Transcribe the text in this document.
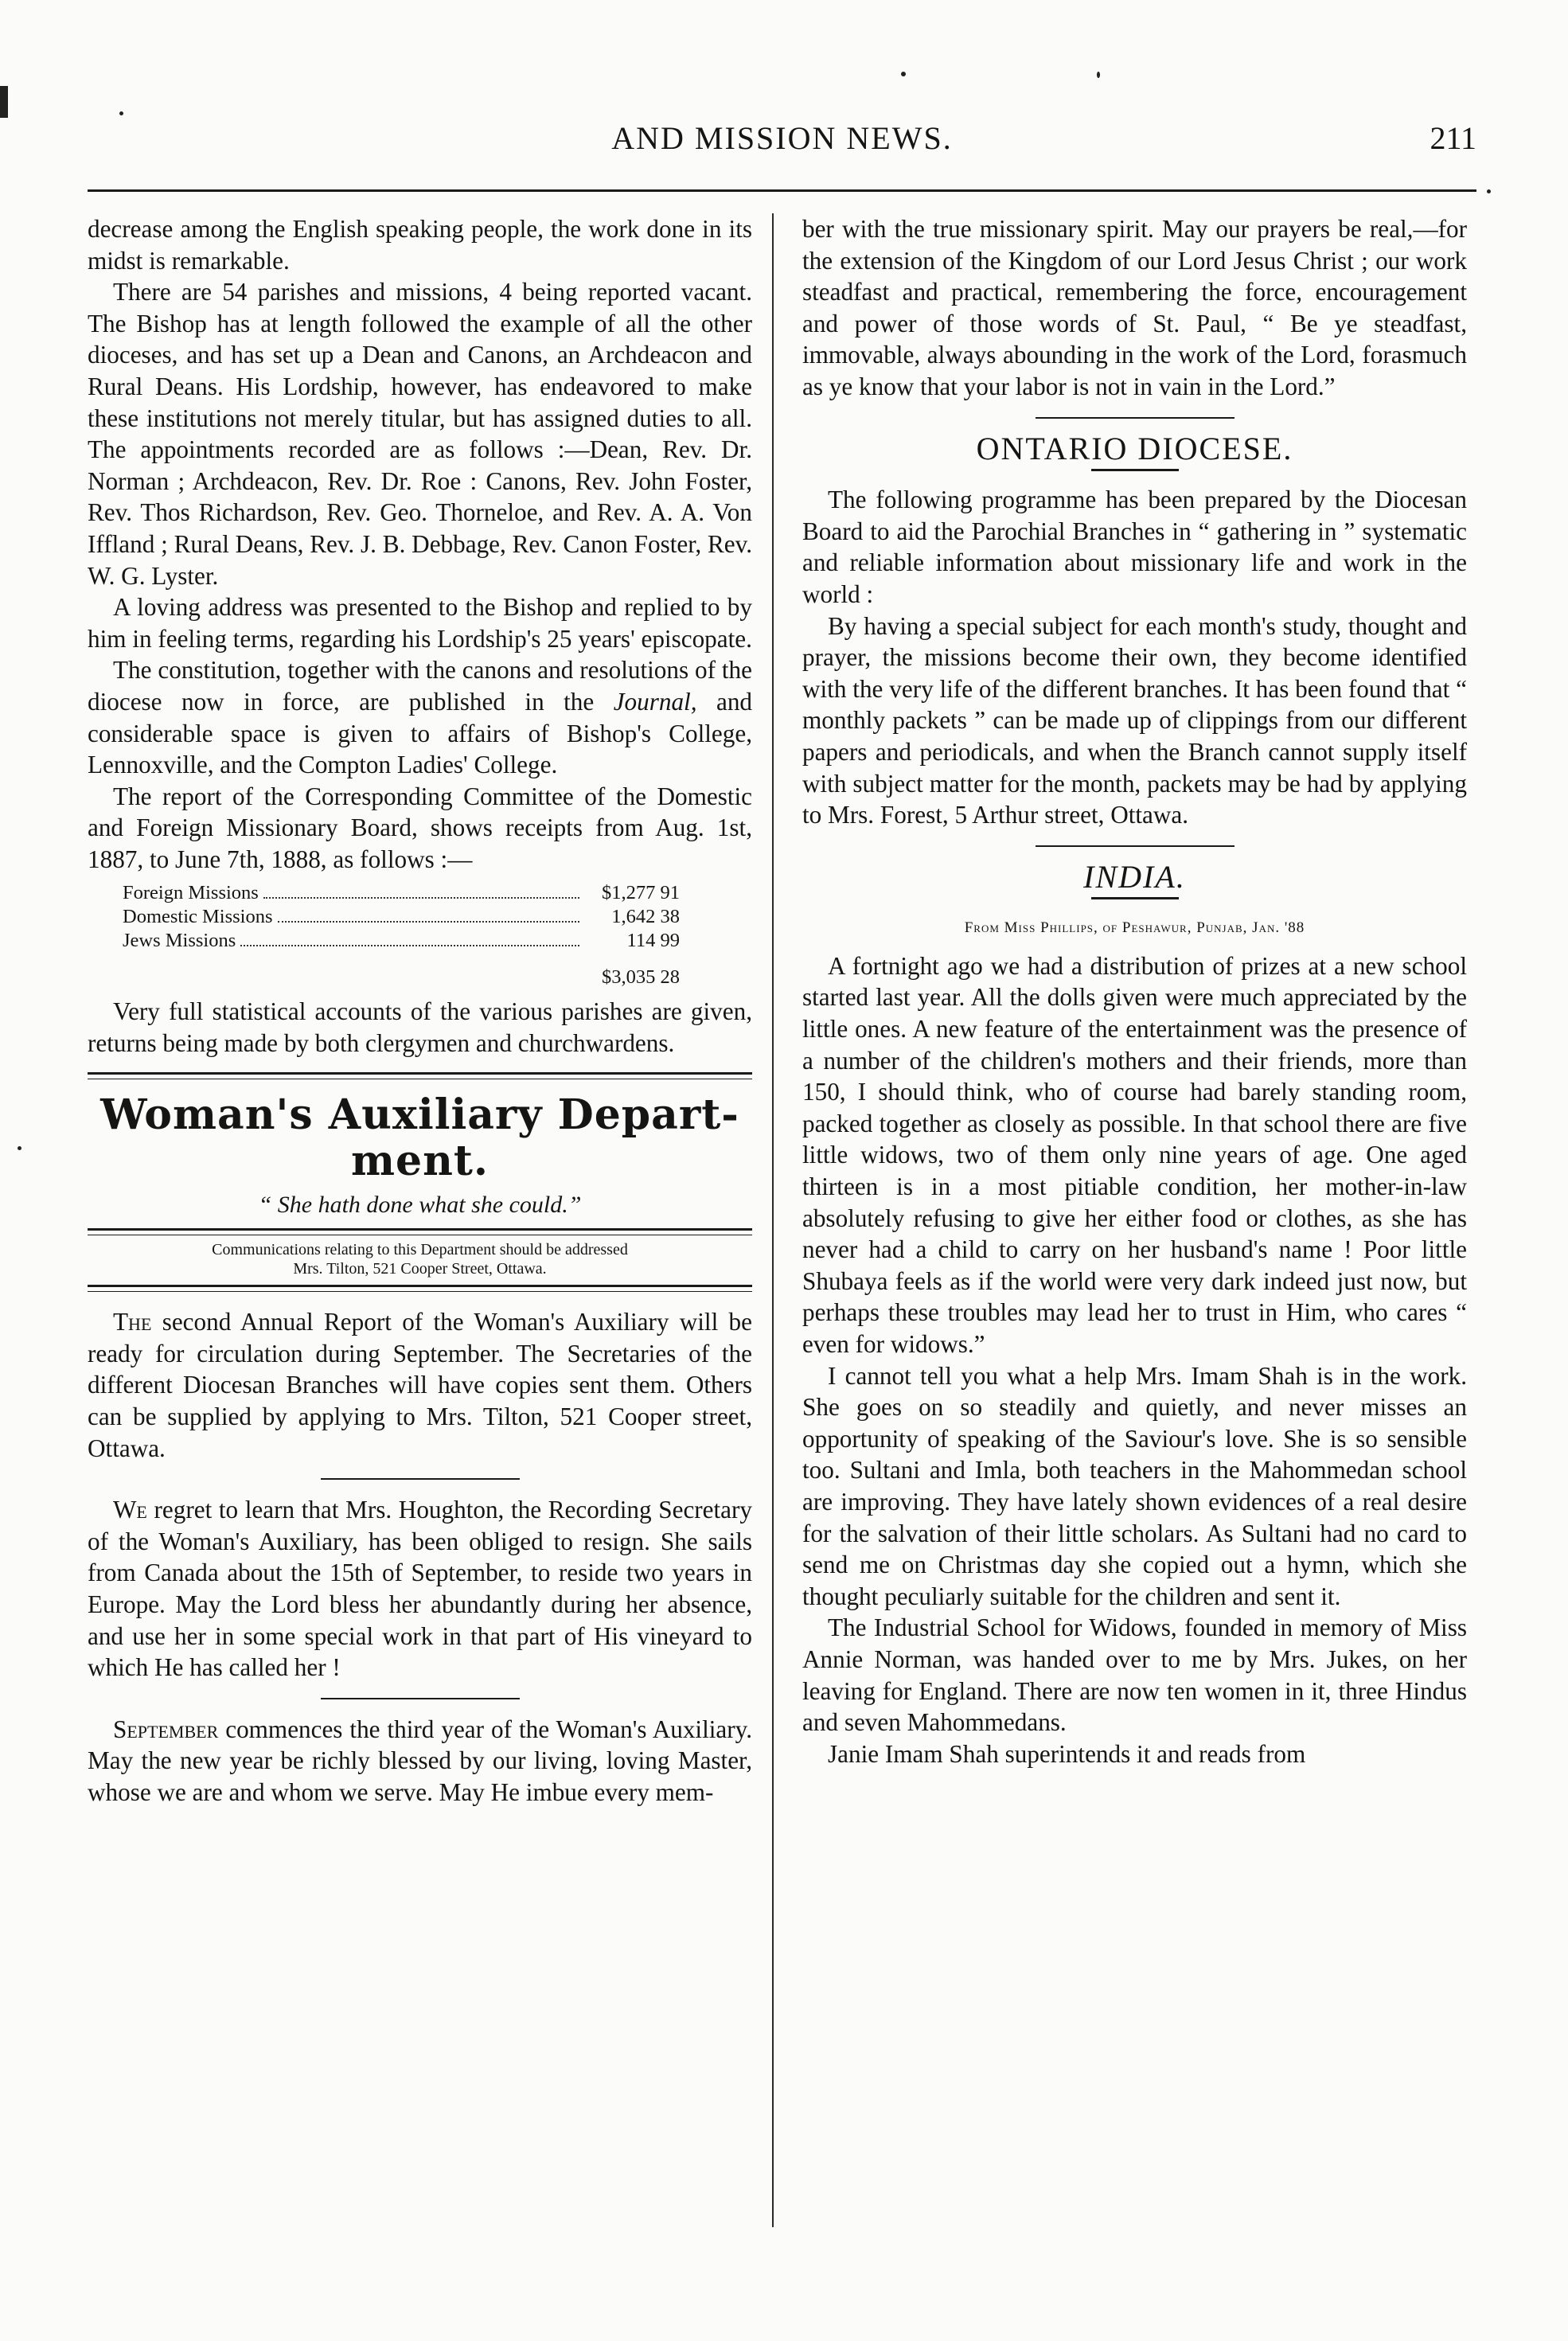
AND MISSION NEWS.	211

decrease among the English speaking people, the work done in its midst is remarkable.

There are 54 parishes and missions, 4 being reported vacant. The Bishop has at length followed the example of all the other dioceses, and has set up a Dean and Canons, an Archdeacon and Rural Deans. His Lordship, however, has endeavored to make these institutions not merely titular, but has assigned duties to all. The appointments recorded are as follows :—Dean, Rev. Dr. Norman ; Archdeacon, Rev. Dr. Roe : Canons, Rev. John Foster, Rev. Thos Richardson, Rev. Geo. Thorneloe, and Rev. A. A. Von Iffland ; Rural Deans, Rev. J. B. Debbage, Rev. Canon Foster, Rev. W. G. Lyster.

A loving address was presented to the Bishop and replied to by him in feeling terms, regarding his Lordship's 25 years' episcopate.

The constitution, together with the canons and resolutions of the diocese now in force, are published in the Journal, and considerable space is given to affairs of Bishop's College, Lennoxville, and the Compton Ladies' College.

The report of the Corresponding Committee of the Domestic and Foreign Missionary Board, shows receipts from Aug. 1st, 1887, to June 7th, 1888, as follows :—

Foreign Missions	$1,277 91
Domestic Missions	1,642 38
Jews Missions	114 99
$3,035 28

Very full statistical accounts of the various parishes are given, returns being made by both clergymen and churchwardens.

Woman's Auxiliary Depart-
ment.

“ She hath done what she could.”

Communications relating to this Department should be addressed
Mrs. Tilton, 521 Cooper Street, Ottawa.

The second Annual Report of the Woman's Auxiliary will be ready for circulation during September. The Secretaries of the different Diocesan Branches will have copies sent them. Others can be supplied by applying to Mrs. Tilton, 521 Cooper street, Ottawa.

We regret to learn that Mrs. Houghton, the Recording Secretary of the Woman's Auxiliary, has been obliged to resign. She sails from Canada about the 15th of September, to reside two years in Europe. May the Lord bless her abundantly during her absence, and use her in some special work in that part of His vineyard to which He has called her !

September commences the third year of the Woman's Auxiliary. May the new year be richly blessed by our living, loving Master, whose we are and whom we serve. May He imbue every mem-

ber with the true missionary spirit. May our prayers be real,—for the extension of the Kingdom of our Lord Jesus Christ ; our work steadfast and practical, remembering the force, encouragement and power of those words of St. Paul, “ Be ye steadfast, immovable, always abounding in the work of the Lord, forasmuch as ye know that your labor is not in vain in the Lord.”

ONTARIO DIOCESE.

The following programme has been prepared by the Diocesan Board to aid the Parochial Branches in “ gathering in ” systematic and reliable information about missionary life and work in the world :

By having a special subject for each month's study, thought and prayer, the missions become their own, they become identified with the very life of the different branches. It has been found that “ monthly packets ” can be made up of clippings from our different papers and periodicals, and when the Branch cannot supply itself with subject matter for the month, packets may be had by applying to Mrs. Forest, 5 Arthur street, Ottawa.

INDIA.

From Miss Phillips, of Peshawur, Punjab, Jan. '88

A fortnight ago we had a distribution of prizes at a new school started last year. All the dolls given were much appreciated by the little ones. A new feature of the entertainment was the presence of a number of the children's mothers and their friends, more than 150, I should think, who of course had barely standing room, packed together as closely as possible. In that school there are five little widows, two of them only nine years of age. One aged thirteen is in a most pitiable condition, her mother-in-law absolutely refusing to give her either food or clothes, as she has never had a child to carry on her husband's name ! Poor little Shubaya feels as if the world were very dark indeed just now, but perhaps these troubles may lead her to trust in Him, who cares “ even for widows.”

I cannot tell you what a help Mrs. Imam Shah is in the work. She goes on so steadily and quietly, and never misses an opportunity of speaking of the Saviour's love. She is so sensible too. Sultani and Imla, both teachers in the Mahommedan school are improving. They have lately shown evidences of a real desire for the salvation of their little scholars. As Sultani had no card to send me on Christmas day she copied out a hymn, which she thought peculiarly suitable for the children and sent it.

The Industrial School for Widows, founded in memory of Miss Annie Norman, was handed over to me by Mrs. Jukes, on her leaving for England. There are now ten women in it, three Hindus and seven Mahommedans.

Janie Imam Shah superintends it and reads from
